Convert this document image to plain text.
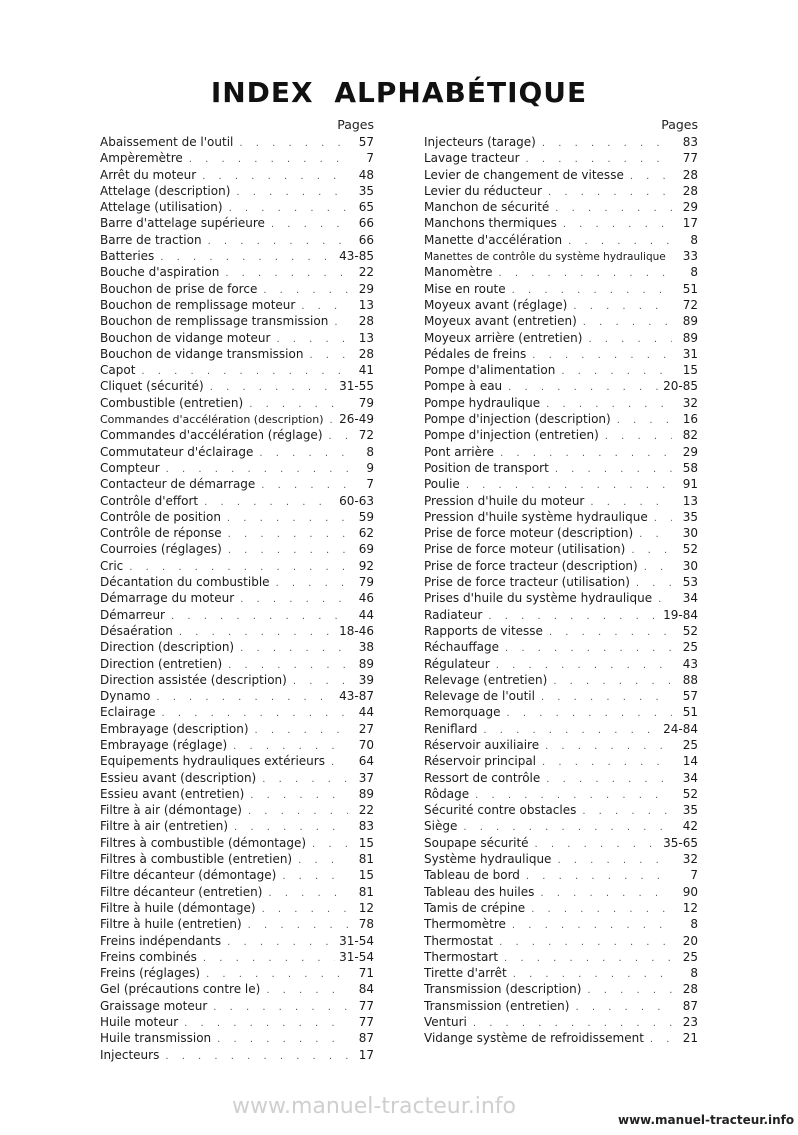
INDEX ALPHABÉTIQUE
Pages
Abaissement de l'outil . . .	57
Ampèremètre . . .	7
Arrêt du moteur . . .	48
Attelage (description) . . .	35
Attelage (utilisation) . . .	65
Barre d'attelage supérieure . . .	66
Barre de traction . . .	66
Batteries . . .	43-85
Bouche d'aspiration . . .	22
Bouchon de prise de force . . .	29
Bouchon de remplissage moteur . . .	13
Bouchon de remplissage transmission . . .	28
Bouchon de vidange moteur . . .	13
Bouchon de vidange transmission . . .	28
Capot . . .	41
Cliquet (sécurité) . . .	31-55
Combustible (entretien) . . .	79
Commandes d'accélération (description) . . .	26-49
Commandes d'accélération (réglage) . . .	72
Commutateur d'éclairage . . .	8
Compteur . . .	9
Contacteur de démarrage . . .	7
Contrôle d'effort . . .	60-63
Contrôle de position . . .	59
Contrôle de réponse . . .	62
Courroies (réglages) . . .	69
Cric . . .	92
Décantation du combustible . . .	79
Démarrage du moteur . . .	46
Démarreur . . .	44
Désaération . . .	18-46
Direction (description) . . .	38
Direction (entretien) . . .	89
Direction assistée (description) . . .	39
Dynamo . . .	43-87
Eclairage . . .	44
Embrayage (description) . . .	27
Embrayage (réglage) . . .	70
Equipements hydrauliques extérieurs . . .	64
Essieu avant (description) . . .	37
Essieu avant (entretien) . . .	89
Filtre à air (démontage) . . .	22
Filtre à air (entretien) . . .	83
Filtres à combustible (démontage) . . .	15
Filtres à combustible (entretien) . . .	81
Filtre décanteur (démontage) . . .	15
Filtre décanteur (entretien) . . .	81
Filtre à huile (démontage) . . .	12
Filtre à huile (entretien) . . .	78
Freins indépendants . . .	31-54
Freins combinés . . .	31-54
Freins (réglages) . . .	71
Gel (précautions contre le) . . .	84
Graissage moteur . . .	77
Huile moteur . . .	77
Huile transmission . . .	87
Injecteurs . . .	17
Pages
Injecteurs (tarage) . . .	83
Lavage tracteur . . .	77
Levier de changement de vitesse . . .	28
Levier du réducteur . . .	28
Manchon de sécurité . . .	29
Manchons thermiques . . .	17
Manette d'accélération . . .	8
Manettes de contrôle du système hydraulique . . .	33
Manomètre . . .	8
Mise en route . . .	51
Moyeux avant (réglage) . . .	72
Moyeux avant (entretien) . . .	89
Moyeux arrière (entretien) . . .	89
Pédales de freins . . .	31
Pompe d'alimentation . . .	15
Pompe à eau . . .	20-85
Pompe hydraulique . . .	32
Pompe d'injection (description) . . .	16
Pompe d'injection (entretien) . . .	82
Pont arrière . . .	29
Position de transport . . .	58
Poulie . . .	91
Pression d'huile du moteur . . .	13
Pression d'huile système hydraulique . . .	35
Prise de force moteur (description) . . .	30
Prise de force moteur (utilisation) . . .	52
Prise de force tracteur (description) . . .	30
Prise de force tracteur (utilisation) . . .	53
Prises d'huile du système hydraulique . . .	34
Radiateur . . .	19-84
Rapports de vitesse . . .	52
Réchauffage . . .	25
Régulateur . . .	43
Relevage (entretien) . . .	88
Relevage de l'outil . . .	57
Remorquage . . .	51
Reniflard . . .	24-84
Réservoir auxiliaire . . .	25
Réservoir principal . . .	14
Ressort de contrôle . . .	34
Rôdage . . .	52
Sécurité contre obstacles . . .	35
Siège . . .	42
Soupape sécurité . . .	35-65
Système hydraulique . . .	32
Tableau de bord . . .	7
Tableau des huiles . . .	90
Tamis de crépine . . .	12
Thermomètre . . .	8
Thermostat . . .	20
Thermostart . . .	25
Tirette d'arrêt . . .	8
Transmission (description) . . .	28
Transmission (entretien) . . .	87
Venturi . . .	23
Vidange système de refroidissement . . .	21
www.manuel-tracteur.info
www.manuel-tracteur.info
